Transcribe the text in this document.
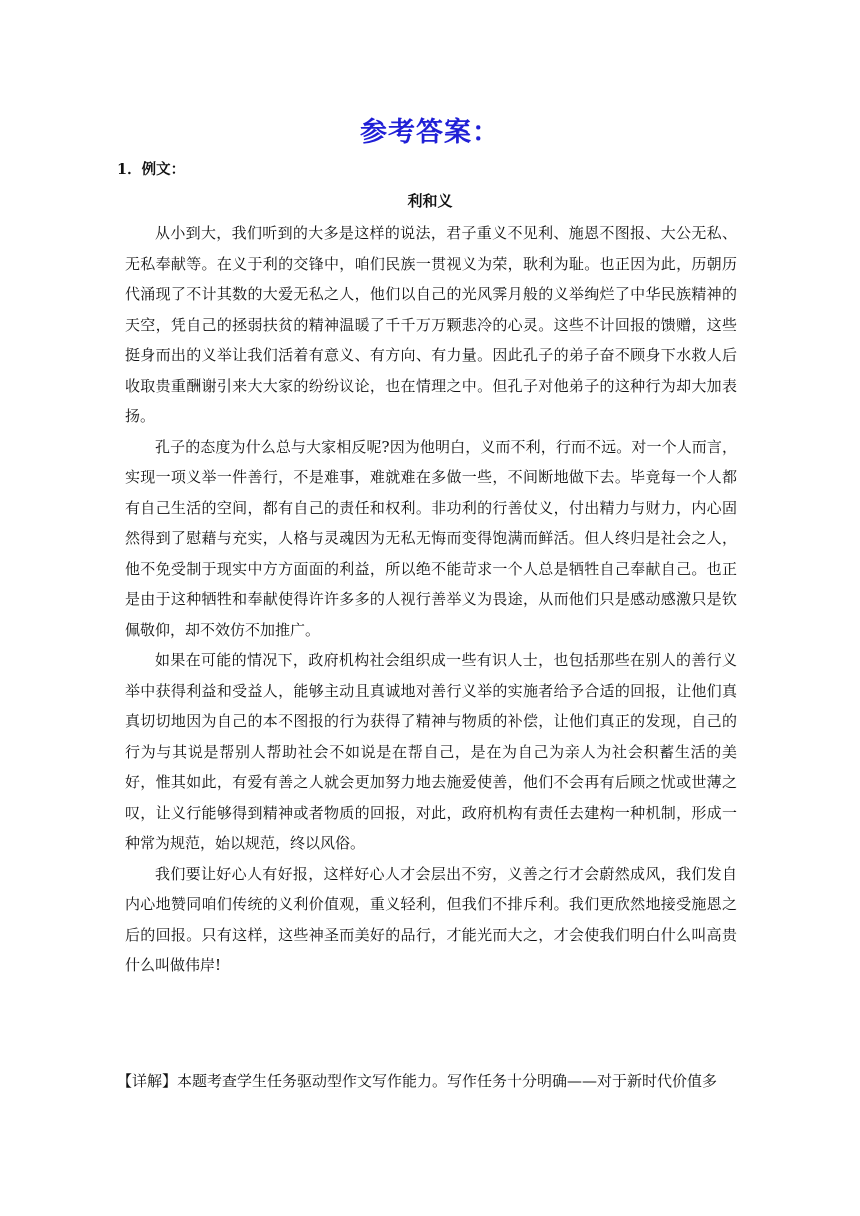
参考答案：
1．例文：
利和义

从小到大，我们听到的大多是这样的说法，君子重义不见利、施恩不图报、大公无私、无私奉献等。在义于利的交锋中，咱们民族一贯视义为荣，耿利为耻。也正因为此，历朝历代涌现了不计其数的大爱无私之人，他们以自己的光风霁月般的义举绚烂了中华民族精神的天空，凭自己的拯弱扶贫的精神温暖了千千万万颗悲冷的心灵。这些不计回报的馈赠，这些挺身而出的义举让我们活着有意义、有方向、有力量。因此孔子的弟子奋不顾身下水救人后收取贵重酬谢引来大大家的纷纷议论，也在情理之中。但孔子对他弟子的这种行为却大加表扬。

孔子的态度为什么总与大家相反呢?因为他明白，义而不利，行而不远。对一个人而言，实现一项义举一件善行，不是难事，难就难在多做一些，不间断地做下去。毕竟每一个人都有自己生活的空间，都有自己的责任和权利。非功利的行善仗义，付出精力与财力，内心固然得到了慰藉与充实，人格与灵魂因为无私无悔而变得饱满而鲜活。但人终归是社会之人，他不免受制于现实中方方面面的利益，所以绝不能苛求一个人总是牺牲自己奉献自己。也正是由于这种牺牲和奉献使得许许多多的人视行善举义为畏途，从而他们只是感动感激只是钦佩敬仰，却不效仿不加推广。

如果在可能的情况下，政府机构社会组织成一些有识人士，也包括那些在别人的善行义举中获得利益和受益人，能够主动且真诚地对善行义举的实施者给予合适的回报，让他们真真切切地因为自己的本不图报的行为获得了精神与物质的补偿，让他们真正的发现，自己的行为与其说是帮别人帮助社会不如说是在帮自己，是在为自己为亲人为社会积蓄生活的美好，惟其如此，有爱有善之人就会更加努力地去施爱使善，他们不会再有后顾之忧或世薄之叹，让义行能够得到精神或者物质的回报，对此，政府机构有责任去建构一种机制，形成一种常为规范，始以规范，终以风俗。

我们要让好心人有好报，这样好心人才会层出不穷，义善之行才会蔚然成风，我们发自内心地赞同咱们传统的义利价值观，重义轻利，但我们不排斥利。我们更欣然地接受施恩之后的回报。只有这样，这些神圣而美好的品行，才能光而大之，才会使我们明白什么叫高贵什么叫做伟岸!

【详解】本题考查学生任务驱动型作文写作能力。写作任务十分明确——对于新时代价值多
